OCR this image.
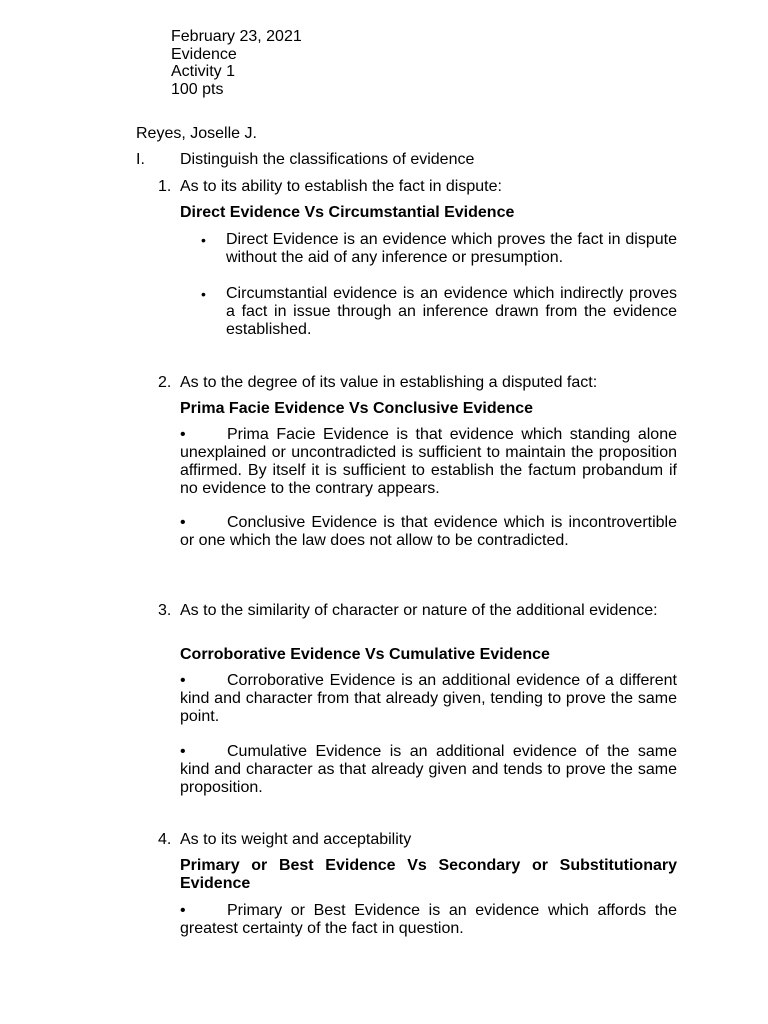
February 23, 2021
Evidence
Activity 1
100 pts
Reyes, Joselle J.
I. Distinguish the classifications of evidence
1. As to its ability to establish the fact in dispute:
Direct Evidence Vs Circumstantial Evidence
• Direct Evidence is an evidence which proves the fact in dispute without the aid of any inference or presumption.
• Circumstantial evidence is an evidence which indirectly proves a fact in issue through an inference drawn from the evidence established.
2. As to the degree of its value in establishing a disputed fact:
Prima Facie Evidence Vs Conclusive Evidence
•	Prima Facie Evidence is that evidence which standing alone unexplained or uncontradicted is sufficient to maintain the proposition affirmed. By itself it is sufficient to establish the factum probandum if no evidence to the contrary appears.
•	Conclusive Evidence is that evidence which is incontrovertible or one which the law does not allow to be contradicted.
3. As to the similarity of character or nature of the additional evidence:
Corroborative Evidence Vs Cumulative Evidence
•	Corroborative Evidence is an additional evidence of a different kind and character from that already given, tending to prove the same point.
•	Cumulative Evidence is an additional evidence of the same kind and character as that already given and tends to prove the same proposition.
4. As to its weight and acceptability
Primary or Best Evidence Vs Secondary or Substitutionary Evidence
•	Primary or Best Evidence is an evidence which affords the greatest certainty of the fact in question.
